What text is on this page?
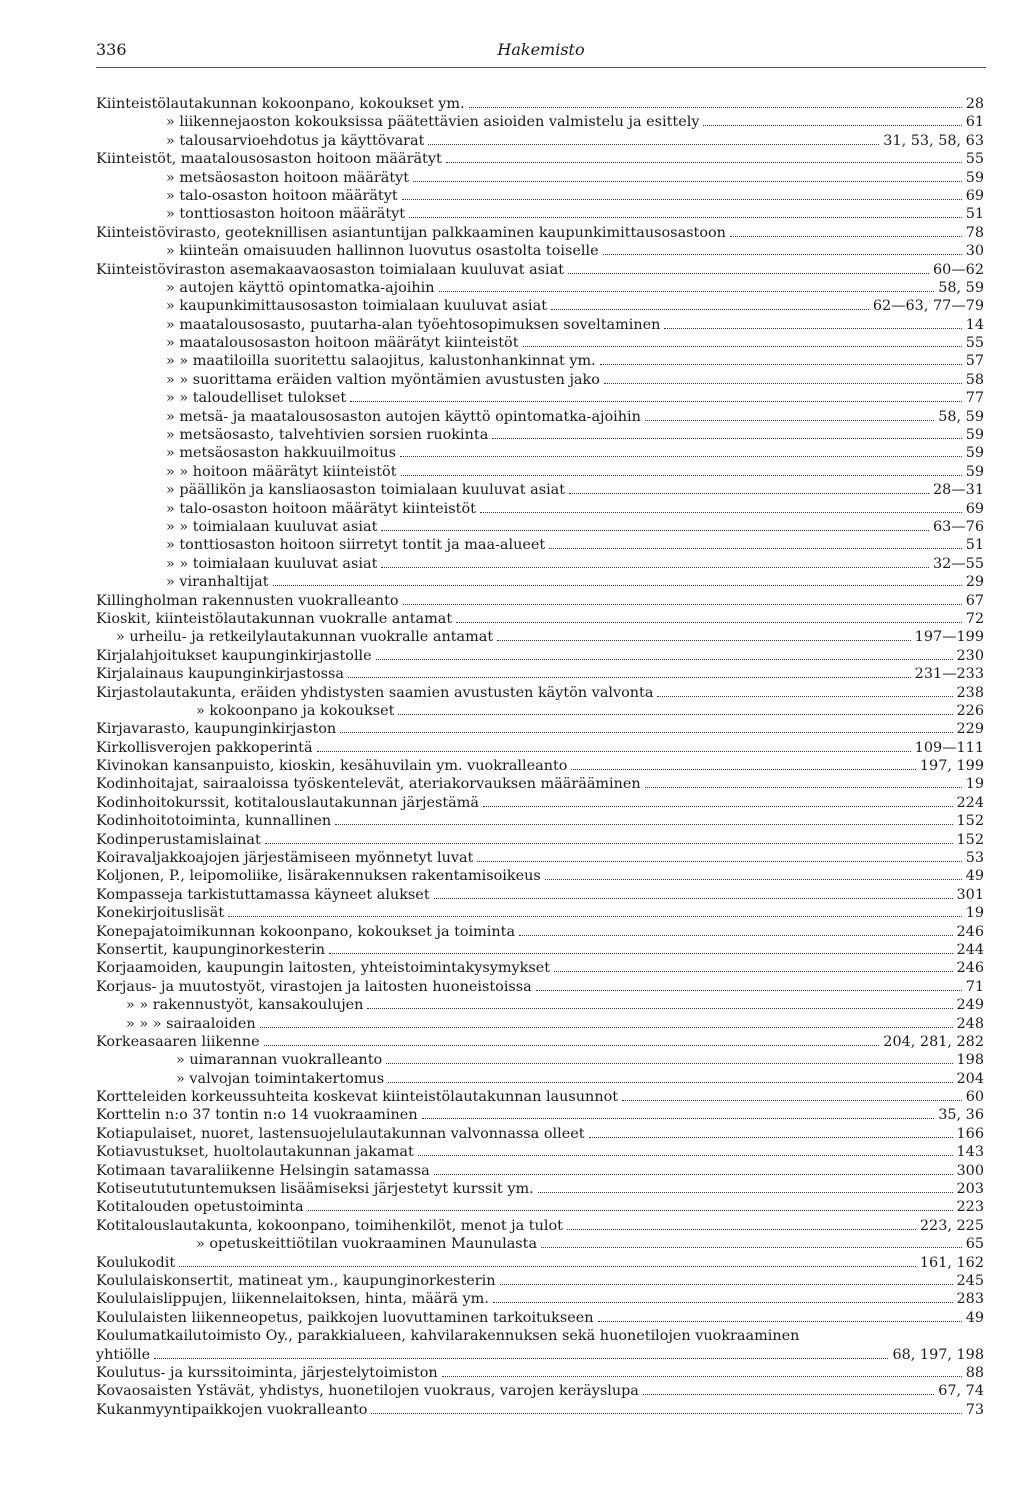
336	Hakemisto
Kiinteistölautakunnan kokoonpano, kokoukset ym.	28
» liikennejaoston kokouksissa päätettävien asioiden valmistelu ja esittely	61
» talousarvioehdotus ja käyttövarat	31, 53, 58, 63
Kiinteistöt, maatalousosaston hoitoon määrätyt	55
» metsäosaston hoitoon määrätyt	59
» talo-osaston hoitoon määrätyt	69
» tonttiosaston hoitoon määrätyt	51
Kiinteistövirasto, geoteknillisen asiantuntijan palkkaaminen kaupunkimittausosastoon	78
» kiinteän omaisuuden hallinnon luovutus osastolta toiselle	30
Kiinteistöviraston asemakaavaosaston toimialaan kuuluvat asiat	60—62
» autojen käyttö opintomatka-ajoihin	58, 59
» kaupunkimittausosaston toimialaan kuuluvat asiat	62—63, 77—79
» maatalousosasto, puutarha-alan työehtosopimuksen soveltaminen	14
» maatalousosaston hoitoon määrätyt kiinteistöt	55
» » maatiloilla suoritettu salaojitus, kalustonhankinnat ym.	57
» » suorittama eräiden valtion myöntämien avustusten jako	58
» » taloudelliset tulokset	77
» metsä- ja maatalousosaston autojen käyttö opintomatka-ajoihin	58, 59
» metsäosasto, talvehtivien sorsien ruokinta	59
» metsäosaston hakkuuilmoitus	59
» » hoitoon määrätyt kiinteistöt	59
» päällikön ja kansliaosaston toimialaan kuuluvat asiat	28—31
» talo-osaston hoitoon määrätyt kiinteistöt	69
» » toimialaan kuuluvat asiat	63—76
» tonttiosaston hoitoon siirretyt tontit ja maa-alueet	51
» » toimialaan kuuluvat asiat	32—55
» viranhaltijat	29
Killingholman rakennusten vuokralleanto	67
Kioskit, kiinteistölautakunnan vuokralle antamat	72
» urheilu- ja retkeilylautakunnan vuokralle antamat	197—199
Kirjalahjoitukset kaupunginkirjastolle	230
Kirjalainaus kaupunginkirjastossa	231—233
Kirjastolautakunta, eräiden yhdistysten saamien avustusten käytön valvonta	238
» kokoonpano ja kokoukset	226
Kirjavarasto, kaupunginkirjaston	229
Kirkollisverojen pakkoperintä	109—111
Kivinokan kansanpuisto, kioskin, kesähuvilain ym. vuokralleanto	197, 199
Kodinhoitajat, sairaaloissa työskentelevät, ateriakorvauksen määrääminen	19
Kodinhoitokurssit, kotitalouslautakunnan järjestämä	224
Kodinhoitotoiminta, kunnallinen	152
Kodinperustamislainat	152
Koiravaljakkoajojen järjestämiseen myönnetyt luvat	53
Koljonen, P., leipomoliike, lisärakennuksen rakentamisoikeus	49
Kompasseja tarkistuttamassa käyneet alukset	301
Konekirjoituslisät	19
Konepajatoimikunnan kokoonpano, kokoukset ja toiminta	246
Konsertit, kaupunginorkesterin	244
Korjaamoiden, kaupungin laitosten, yhteistoimintakysymykset	246
Korjaus- ja muutostyöt, virastojen ja laitosten huoneistoissa	71
» » rakennustyöt, kansakoulujen	249
» » » sairaaloiden	248
Korkeasaaren liikenne	204, 281, 282
» uimarannan vuokralleanto	198
» valvojan toimintakertomus	204
Kortteleiden korkeussuhteita koskevat kiinteistölautakunnan lausunnot	60
Korttelin n:o 37 tontin n:o 14 vuokraaminen	35, 36
Kotiapulaiset, nuoret, lastensuojelulautakunnan valvonnassa olleet	166
Kotiavustukset, huoltolautakunnan jakamat	143
Kotimaan tavaraliikenne Helsingin satamassa	300
Kotiseutututuntemuksen lisäämiseksi järjestetyt kurssit ym.	203
Kotitalouden opetustoiminta	223
Kotitalouslautakunta, kokoonpano, toimihenkilöt, menot ja tulot	223, 225
» opetuskeittiötilan vuokraaminen Maunulasta	65
Koulukodit	161, 162
Koululaiskonsertit, matineat ym., kaupunginorkesterin	245
Koululaislippujen, liikennelaitoksen, hinta, määrä ym.	283
Koululaisten liikenneopetus, paikkojen luovuttaminen tarkoitukseen	49
Koulumatkailutoimisto Oy., parakkialueen, kahvilarakennuksen sekä huonetilojen vuokraaminen
yhtiölle	68, 197, 198
Koulutus- ja kurssitoiminta, järjestelytoimiston	88
Kovaosaisten Ystävät, yhdistys, huonetilojen vuokraus, varojen keräyslupa	67, 74
Kukanmyyntipaikkojen vuokralleanto	73
